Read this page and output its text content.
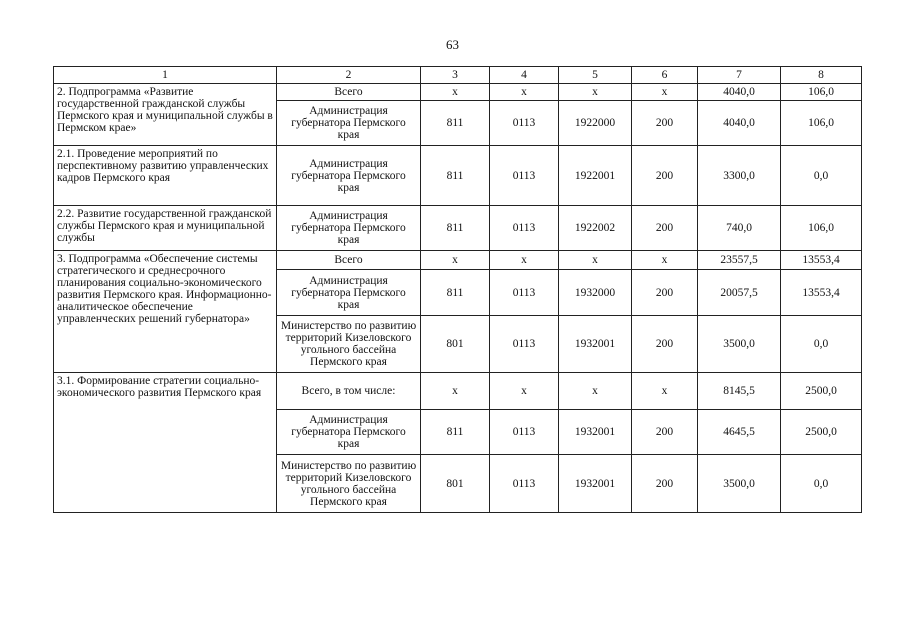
63
1	2	3	4	5	6	7	8
2. Подпрограмма «Развитие государственной гражданской службы Пермского края и муниципальной службы в Пермском крае»	Всего	x	x	x	x	4040,0	106,0
	Администрация губернатора Пермского края	811	0113	1922000	200	4040,0	106,0
2.1. Проведение мероприятий по перспективному развитию управленческих кадров Пермского края	Администрация губернатора Пермского края	811	0113	1922001	200	3300,0	0,0
2.2. Развитие государственной гражданской службы Пермского края и муниципальной службы	Администрация губернатора Пермского края	811	0113	1922002	200	740,0	106,0
3. Подпрограмма «Обеспечение системы стратегического и среднесрочного планирования социально-экономического развития Пермского края. Информационно-аналитическое обеспечение управленческих решений губернатора»	Всего	x	x	x	x	23557,5	13553,4
	Администрация губернатора Пермского края	811	0113	1932000	200	20057,5	13553,4
	Министерство по развитию территорий Кизеловского угольного бассейна Пермского края	801	0113	1932001	200	3500,0	0,0
3.1. Формирование стратегии социально-экономического развития Пермского края	Всего, в том числе:	x	x	x	x	8145,5	2500,0
	Администрация губернатора Пермского края	811	0113	1932001	200	4645,5	2500,0
	Министерство по развитию территорий Кизеловского угольного бассейна Пермского края	801	0113	1932001	200	3500,0	0,0
